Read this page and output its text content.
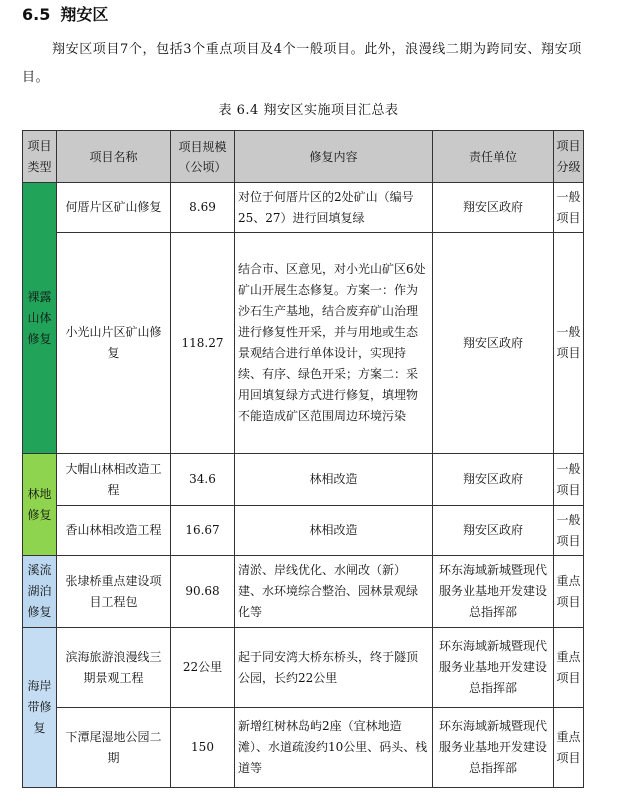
6.5 翔安区
翔安区项目7个，包括3个重点项目及4个一般项目。此外，浪漫线二期为跨同安、翔安项目。
表 6.4 翔安区实施项目汇总表
项目类型	项目名称	项目规模（公顷）	修复内容	责任单位	项目分级

裸露山体修复	何厝片区矿山修复	8.69	对位于何厝片区的2处矿山（编号25、27）进行回填复绿	翔安区政府	一般项目

	小光山片区矿山修复	118.27	结合市、区意见，对小光山矿区6处矿山开展生态修复。方案一：作为沙石生产基地，结合废弃矿山治理进行修复性开采，并与用地或生态景观结合进行单体设计，实现持续、有序、绿色开采；方案二：采用回填复绿方式进行修复，填埋物不能造成矿区范围周边环境污染	翔安区政府	一般项目

林地修复	大帽山林相改造工程	34.6	林相改造	翔安区政府	一般项目

	香山林相改造工程	16.67	林相改造	翔安区政府	一般项目

溪流湖泊修复	张埭桥重点建设项目工程包	90.68	清淤、岸线优化、水闸改（新）建、水环境综合整治、园林景观绿化等	环东海域新城暨现代服务业基地开发建设总指挥部	重点项目

海岸带修复	滨海旅游浪漫线三期景观工程	22公里	起于同安湾大桥东桥头，终于隧顶公园，长约22公里	环东海域新城暨现代服务业基地开发建设总指挥部	重点项目

	下潭尾湿地公园二期	150	新增红树林岛屿2座（宜林地造滩）、水道疏浚约10公里、码头、栈道等	环东海域新城暨现代服务业基地开发建设总指挥部	重点项目
